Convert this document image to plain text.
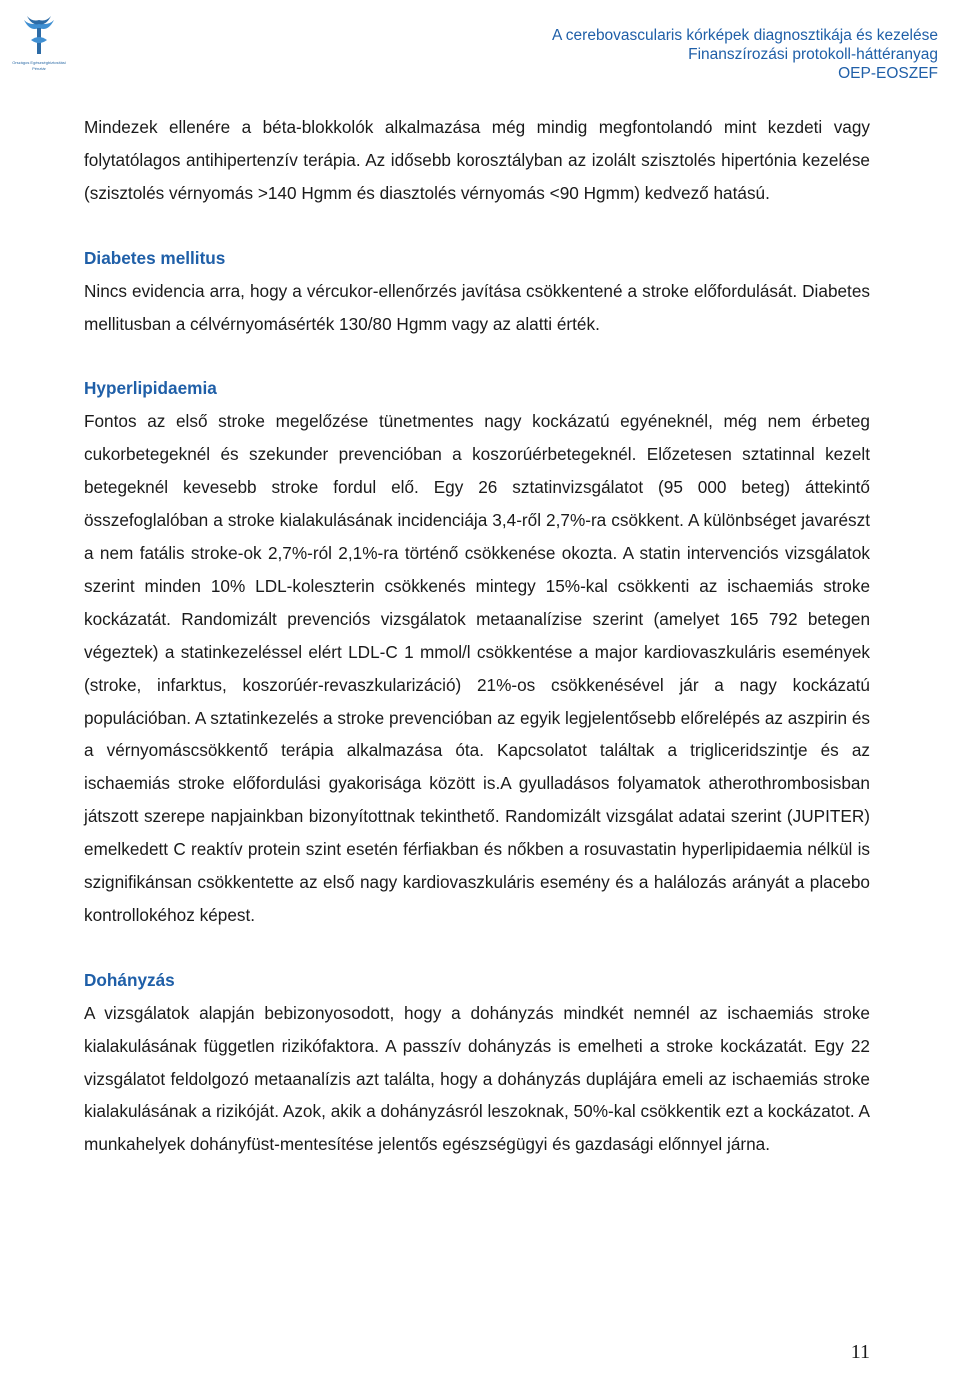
Országos Egészségbiztosítási Pénztár
A cerebovascularis kórképek diagnosztikája és kezelése
Finanszírozási protokoll-háttéranyag
OEP-EOSZEF

Mindezek ellenére a béta-blokkolók alkalmazása még mindig megfontolandó mint kezdeti vagy folytatólagos antihipertenzív terápia. Az idősebb korosztályban az izolált szisztolés hipertónia kezelése (szisztolés vérnyomás >140 Hgmm és diasztolés vérnyomás <90 Hgmm) kedvező hatású.

Diabetes mellitus

Nincs evidencia arra, hogy a vércukor-ellenőrzés javítása csökkentené a stroke előfordulását. Diabetes mellitusban a célvérnyomásérték 130/80 Hgmm vagy az alatti érték.

Hyperlipidaemia

Fontos az első stroke megelőzése tünetmentes nagy kockázatú egyéneknél, még nem érbeteg cukorbetegeknél és szekunder prevencióban a koszorúérbetegeknél. Előzetesen sztatinnal kezelt betegeknél kevesebb stroke fordul elő. Egy 26 sztatinvizsgálatot (95 000 beteg) áttekintő összefoglalóban a stroke kialakulásának incidenciája 3,4-ről 2,7%-ra csökkent. A különbséget javarészt a nem fatális stroke-ok 2,7%-ról 2,1%-ra történő csökkenése okozta. A statin intervenciós vizsgálatok szerint minden 10% LDL-koleszterin csökkenés mintegy 15%-kal csökkenti az ischaemiás stroke kockázatát. Randomizált prevenciós vizsgálatok metaanalízise szerint (amelyet 165 792 betegen végeztek) a statinkezeléssel elért LDL-C 1 mmol/l csökkentése a major kardiovaszkuláris események (stroke, infarktus, koszorúér-revaszkularizáció) 21%-os csökkenésével jár a nagy kockázatú populációban. A sztatinkezelés a stroke prevencióban az egyik legjelentősebb előrelépés az aszpirin és a vérnyomáscsökkentő terápia alkalmazása óta. Kapcsolatot találtak a trigliceridszintje és az ischaemiás stroke előfordulási gyakorisága között is.A gyulladásos folyamatok atherothrombosisban játszott szerepe napjainkban bizonyítottnak tekinthető. Randomizált vizsgálat adatai szerint (JUPITER) emelkedett C reaktív protein szint esetén férfiakban és nőkben a rosuvastatin hyperlipidaemia nélkül is szignifikánsan csökkentette az első nagy kardiovaszkuláris esemény és a halálozás arányát a placebo kontrollokéhoz képest.

Dohányzás

A vizsgálatok alapján bebizonyosodott, hogy a dohányzás mindkét nemnél az ischaemiás stroke kialakulásának független rizikófaktora. A passzív dohányzás is emelheti a stroke kockázatát. Egy 22 vizsgálatot feldolgozó metaanalízis azt találta, hogy a dohányzás duplájára emeli az ischaemiás stroke kialakulásának a rizikóját. Azok, akik a dohányzásról leszoknak, 50%-kal csökkentik ezt a kockázatot. A munkahelyek dohányfüst-mentesítése jelentős egészségügyi és gazdasági előnnyel járna.

11
